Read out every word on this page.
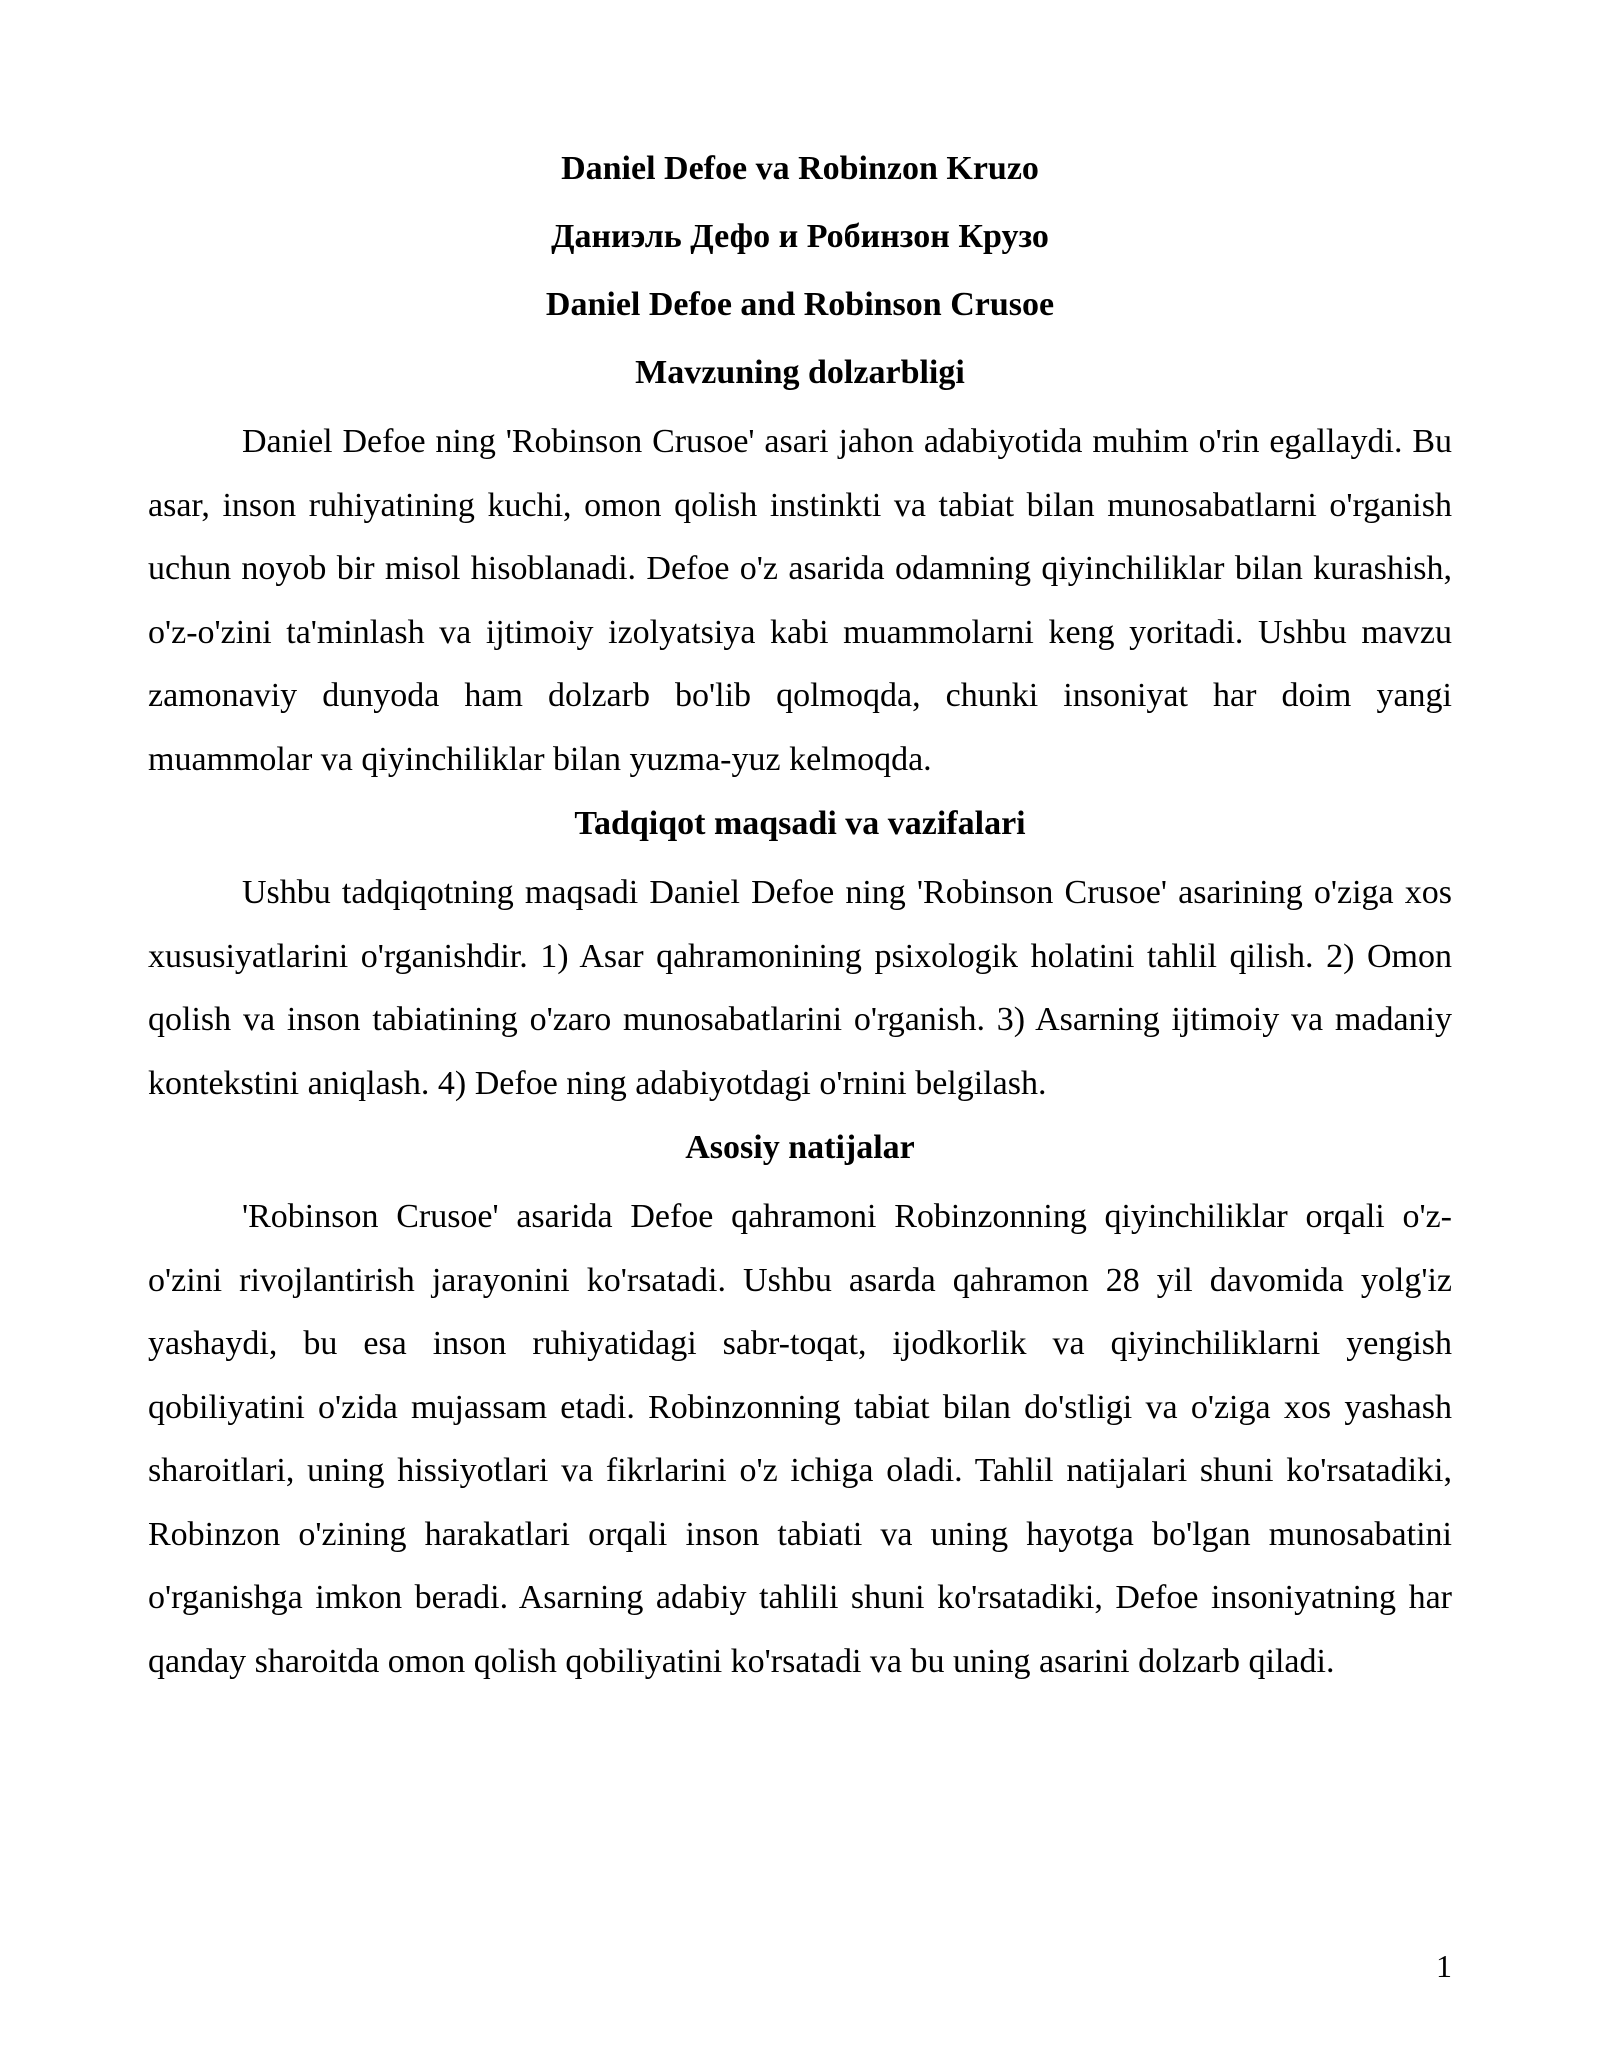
Daniel Defoe va Robinzon Kruzo
Даниэль Дефо и Робинзон Крузо
Daniel Defoe and Robinson Crusoe
Mavzuning dolzarbligi

Daniel Defoe ning 'Robinson Crusoe' asari jahon adabiyotida muhim o'rin egallaydi. Bu asar, inson ruhiyatining kuchi, omon qolish instinkti va tabiat bilan munosabatlarni o'rganish uchun noyob bir misol hisoblanadi. Defoe o'z asarida odamning qiyinchiliklar bilan kurashish, o'z-o'zini ta'minlash va ijtimoiy izolyatsiya kabi muammolarni keng yoritadi. Ushbu mavzu zamonaviy dunyoda ham dolzarb bo'lib qolmoqda, chunki insoniyat har doim yangi muammolar va qiyinchiliklar bilan yuzma-yuz kelmoqda.

Tadqiqot maqsadi va vazifalari

Ushbu tadqiqotning maqsadi Daniel Defoe ning 'Robinson Crusoe' asarining o'ziga xos xususiyatlarini o'rganishdir. 1) Asar qahramonining psixologik holatini tahlil qilish. 2) Omon qolish va inson tabiatining o'zaro munosabatlarini o'rganish. 3) Asarning ijtimoiy va madaniy kontekstini aniqlash. 4) Defoe ning adabiyotdagi o'rnini belgilash.

Asosiy natijalar

'Robinson Crusoe' asarida Defoe qahramoni Robinzonning qiyinchiliklar orqali o'z-o'zini rivojlantirish jarayonini ko'rsatadi. Ushbu asarda qahramon 28 yil davomida yolg'iz yashaydi, bu esa inson ruhiyatidagi sabr-toqat, ijodkorlik va qiyinchiliklarni yengish qobiliyatini o'zida mujassam etadi. Robinzonning tabiat bilan do'stligi va o'ziga xos yashash sharoitlari, uning hissiyotlari va fikrlarini o'z ichiga oladi. Tahlil natijalari shuni ko'rsatadiki, Robinzon o'zining harakatlari orqali inson tabiati va uning hayotga bo'lgan munosabatini o'rganishga imkon beradi. Asarning adabiy tahlili shuni ko'rsatadiki, Defoe insoniyatning har qanday sharoitda omon qolish qobiliyatini ko'rsatadi va bu uning asarini dolzarb qiladi.

1
